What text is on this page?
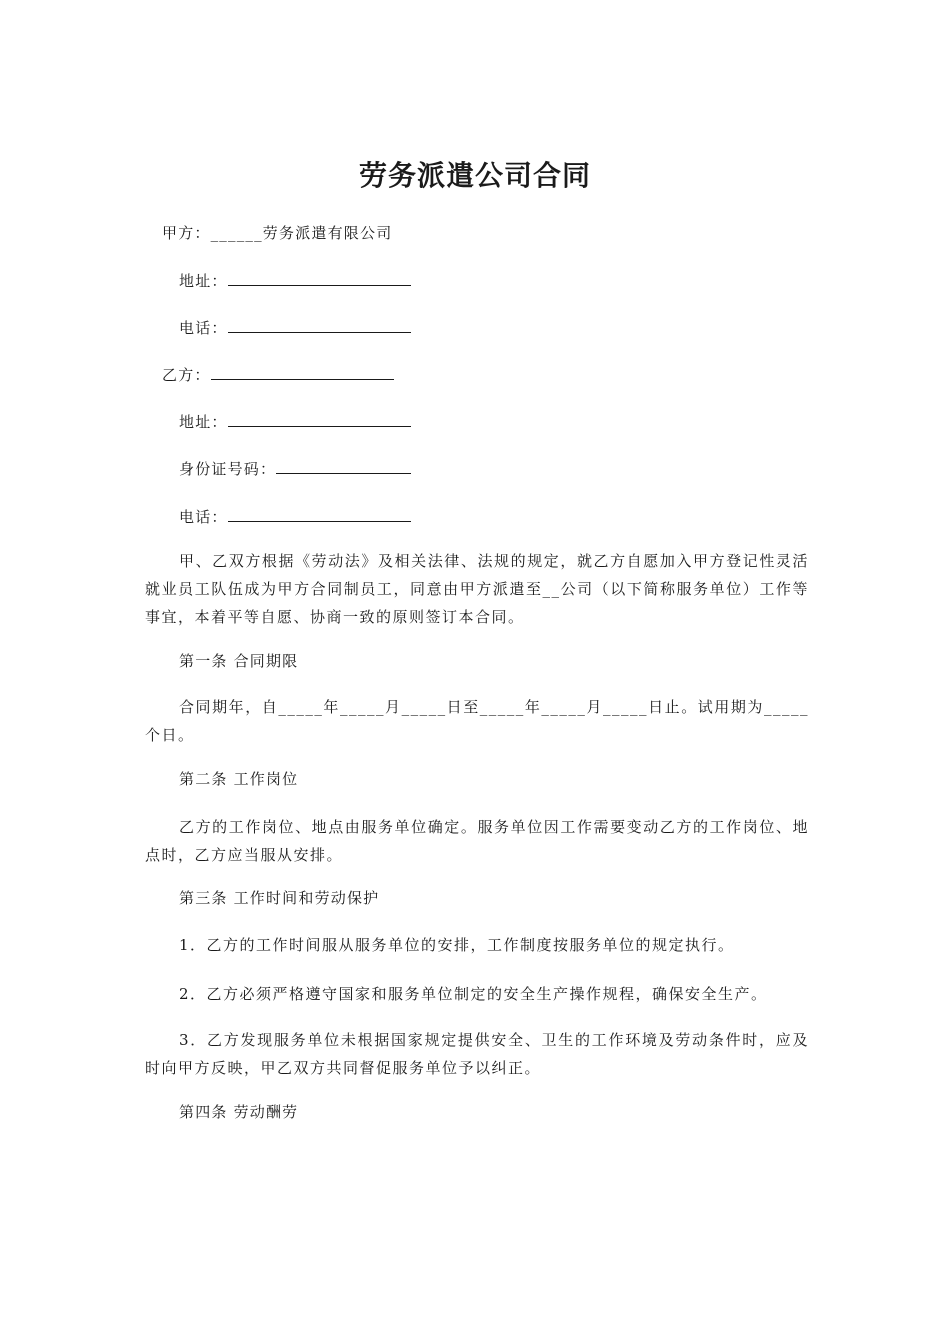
劳务派遣公司合同
甲方：______劳务派遣有限公司
地址：
电话：
乙方：
地址：
身份证号码：
电话：
甲、乙双方根据《劳动法》及相关法律、法规的规定，就乙方自愿加入甲方登记性灵活就业员工队伍成为甲方合同制员工，同意由甲方派遣至__公司（以下简称服务单位）工作等事宜，本着平等自愿、协商一致的原则签订本合同。
第一条 合同期限
合同期年，自_____年_____月_____日至_____年_____月_____日止。试用期为_____个日。
第二条 工作岗位
乙方的工作岗位、地点由服务单位确定。服务单位因工作需要变动乙方的工作岗位、地点时，乙方应当服从安排。
第三条 工作时间和劳动保护
1．乙方的工作时间服从服务单位的安排，工作制度按服务单位的规定执行。
2．乙方必须严格遵守国家和服务单位制定的安全生产操作规程，确保安全生产。
3．乙方发现服务单位未根据国家规定提供安全、卫生的工作环境及劳动条件时，应及时向甲方反映，甲乙双方共同督促服务单位予以纠正。
第四条 劳动酬劳
